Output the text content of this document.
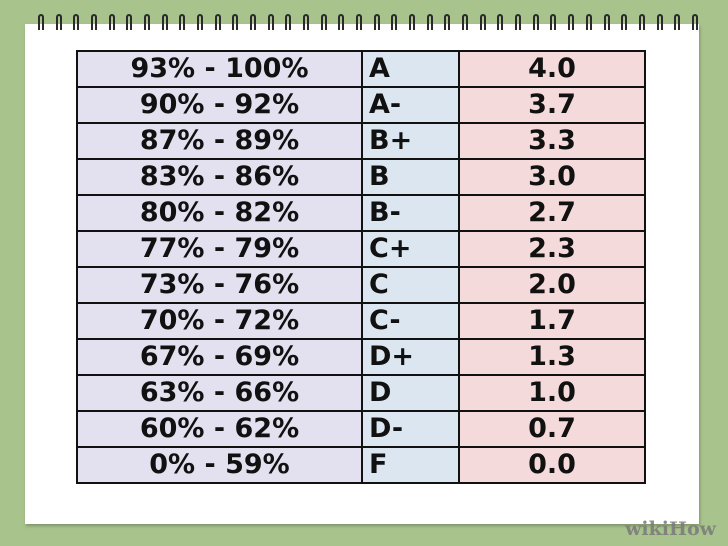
93% - 100%	A	4.0
90% - 92%	A-	3.7
87% - 89%	B+	3.3
83% - 86%	B	3.0
80% - 82%	B-	2.7
77% - 79%	C+	2.3
73% - 76%	C	2.0
70% - 72%	C-	1.7
67% - 69%	D+	1.3
63% - 66%	D	1.0
60% - 62%	D-	0.7
0% - 59%	F	0.0
wikiHow
